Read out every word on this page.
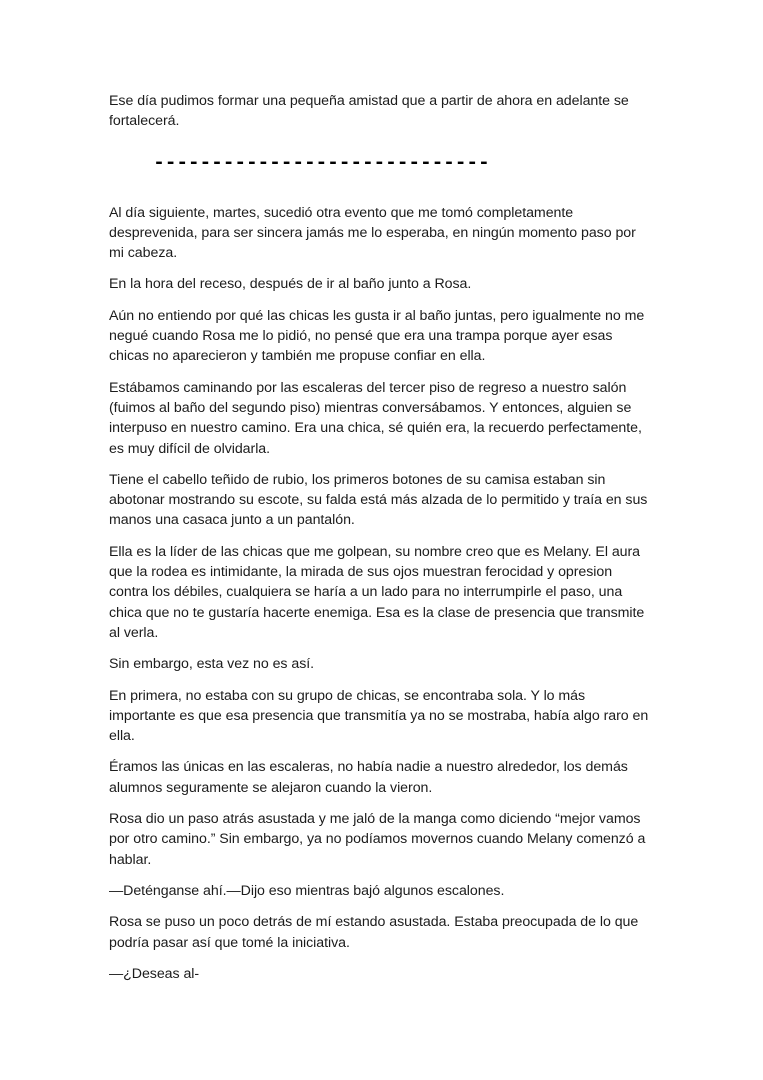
Ese día pudimos formar una pequeña amistad que a partir de ahora en adelante se fortalecerá.

-----------------------------

Al día siguiente, martes, sucedió otra evento que me tomó completamente desprevenida, para ser sincera jamás me lo esperaba, en ningún momento paso por mi cabeza.

En la hora del receso, después de ir al baño junto a Rosa.

Aún no entiendo por qué las chicas les gusta ir al baño juntas, pero igualmente no me negué cuando Rosa me lo pidió, no pensé que era una trampa porque ayer esas chicas no aparecieron y también me propuse confiar en ella.

Estábamos caminando por las escaleras del tercer piso de regreso a nuestro salón (fuimos al baño del segundo piso) mientras conversábamos. Y entonces, alguien se interpuso en nuestro camino. Era una chica, sé quién era, la recuerdo perfectamente, es muy difícil de olvidarla.

Tiene el cabello teñido de rubio, los primeros botones de su camisa estaban sin abotonar mostrando su escote, su falda está más alzada de lo permitido y traía en sus manos una casaca junto a un pantalón.

Ella es la líder de las chicas que me golpean, su nombre creo que es Melany. El aura que la rodea es intimidante, la mirada de sus ojos muestran ferocidad y opresion contra los débiles, cualquiera se haría a un lado para no interrumpirle el paso, una chica que no te gustaría hacerte enemiga. Esa es la clase de presencia que transmite al verla.

Sin embargo, esta vez no es así.

En primera, no estaba con su grupo de chicas, se encontraba sola. Y lo más importante es que esa presencia que transmitía ya no se mostraba, había algo raro en ella.

Éramos las únicas en las escaleras, no había nadie a nuestro alrededor, los demás alumnos seguramente se alejaron cuando la vieron.

Rosa dio un paso atrás asustada y me jaló de la manga como diciendo “mejor vamos por otro camino.” Sin embargo, ya no podíamos movernos cuando Melany comenzó a hablar.

—Deténganse ahí.—Dijo eso mientras bajó algunos escalones.

Rosa se puso un poco detrás de mí estando asustada. Estaba preocupada de lo que podría pasar así que tomé la iniciativa.

—¿Deseas al-
